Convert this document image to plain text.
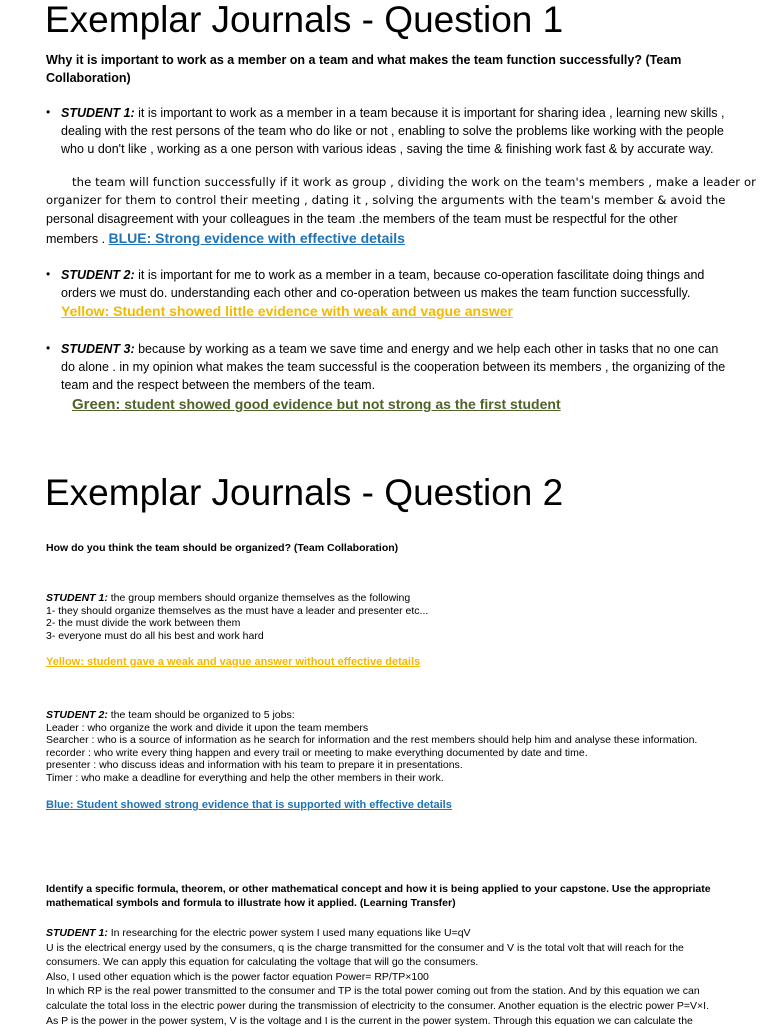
Exemplar Journals - Question 1
Why it is important to work as a member on a team and what makes the team function successfully? (Team
Collaboration)
• STUDENT 1: it is important to work as a member in a team because it is important for sharing idea , learning new skills , dealing with the rest persons of the team who do like or not , enabling to solve the problems like working with the people who u don't like , working as a one person with various ideas , saving the time & finishing work fast & by accurate way.
the team will function successfully if it work as group , dividing the work on the team's members , make a leader or
organizer for them to control their meeting , dating it , solving the arguments with the team's member & avoid the
personal disagreement with your colleagues in the team .the members of the team must be respectful for the other
members . BLUE: Strong evidence with effective details
• STUDENT 2: it is important for me to work as a member in a team, because co-operation fascilitate doing things and orders we must do. understanding each other and co-operation between us makes the team function successfully.
Yellow: Student showed little evidence with weak and vague answer
• STUDENT 3: because by working as a team we save time and energy and we help each other in tasks that no one can do alone . in my opinion what makes the team successful is the cooperation between its members , the organizing of the team and the respect between the members of the team.
Green: student showed good evidence but not strong as the first student
Exemplar Journals - Question 2
How do you think the team should be organized? (Team Collaboration)
STUDENT 1: the group members should organize themselves as the following
1- they should organize themselves as the must have a leader and presenter etc...
2- the must divide the work between them
3- everyone must do all his best and work hard
Yellow: student gave a weak and vague answer without effective details
STUDENT 2: the team should be organized to 5 jobs:
Leader : who organize the work and divide it upon the team members
Searcher : who is a source of information as he search for information and the rest members should help him and analyse these information.
recorder : who write every thing happen and every trail or meeting to make everything documented by date and time.
presenter : who discuss ideas and information with his team to prepare it in presentations.
Timer : who make a deadline for everything and help the other members in their work.
Blue: Student showed strong evidence that is supported with effective details
Identify a specific formula, theorem, or other mathematical concept and how it is being applied to your capstone. Use the appropriate
mathematical symbols and formula to illustrate how it applied. (Learning Transfer)
STUDENT 1: In researching for the electric power system I used many equations like U=qV
U is the electrical energy used by the consumers, q is the charge transmitted for the consumer and V is the total volt that will reach for the
consumers. We can apply this equation for calculating the voltage that will go the consumers.
Also, I used other equation which is the power factor equation Power= RP/TP×100
In which RP is the real power transmitted to the consumer and TP is the total power coming out from the station. And by this equation we can
calculate the total loss in the electric power during the transmission of electricity to the consumer. Another equation is the electric power P=V×I.
As P is the power in the power system, V is the voltage and I is the current in the power system. Through this equation we can calculate the
